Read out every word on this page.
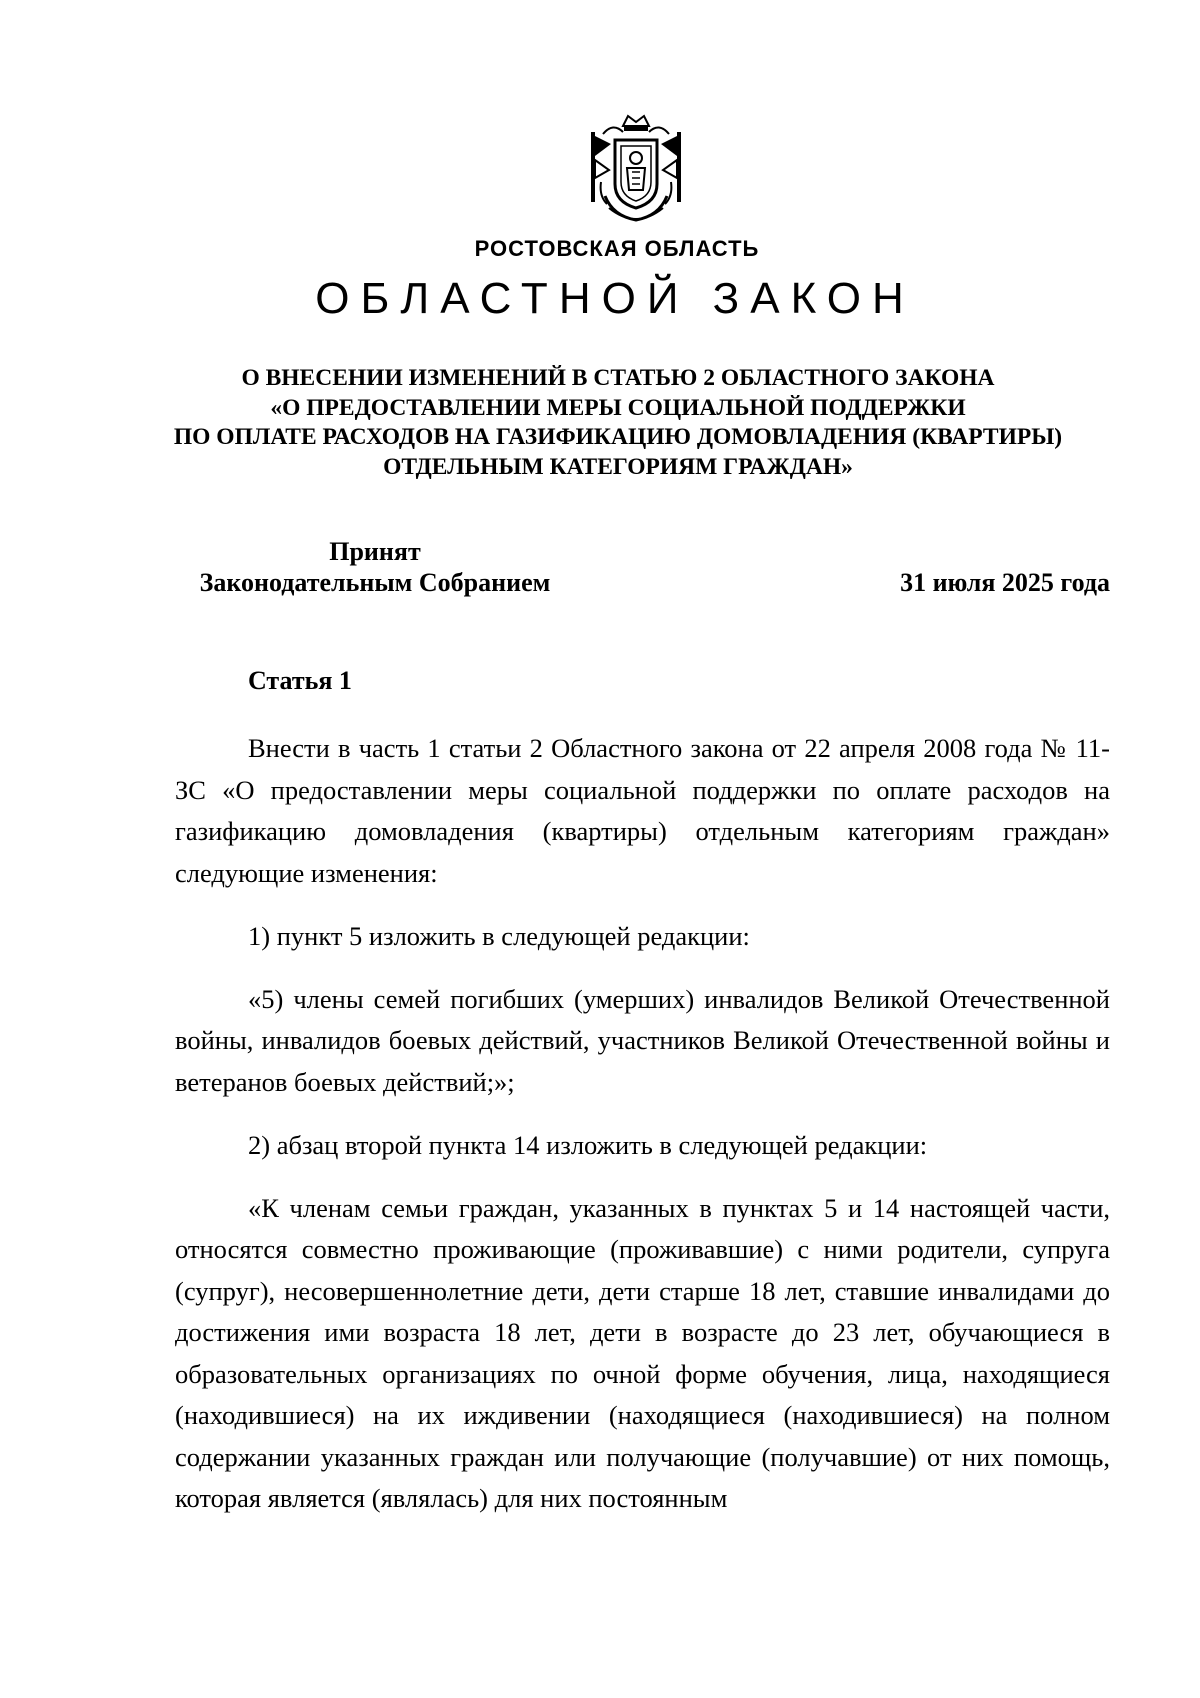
РОСТОВСКАЯ ОБЛАСТЬ
ОБЛАСТНОЙ ЗАКОН
О ВНЕСЕНИИ ИЗМЕНЕНИЙ В СТАТЬЮ 2 ОБЛАСТНОГО ЗАКОНА
«О ПРЕДОСТАВЛЕНИИ МЕРЫ СОЦИАЛЬНОЙ ПОДДЕРЖКИ
ПО ОПЛАТЕ РАСХОДОВ НА ГАЗИФИКАЦИЮ ДОМОВЛАДЕНИЯ (КВАРТИРЫ)
ОТДЕЛЬНЫМ КАТЕГОРИЯМ ГРАЖДАН»
Принят
Законодательным Собранием	31 июля 2025 года
Статья 1

Внести в часть 1 статьи 2 Областного закона от 22 апреля 2008 года № 11-ЗС «О предоставлении меры социальной поддержки по оплате расходов на газификацию домовладения (квартиры) отдельным категориям граждан» следующие изменения:

1) пункт 5 изложить в следующей редакции:

«5) члены семей погибших (умерших) инвалидов Великой Отечественной войны, инвалидов боевых действий, участников Великой Отечественной войны и ветеранов боевых действий;»;

2) абзац второй пункта 14 изложить в следующей редакции:

«К членам семьи граждан, указанных в пунктах 5 и 14 настоящей части, относятся совместно проживающие (проживавшие) с ними родители, супруга (супруг), несовершеннолетние дети, дети старше 18 лет, ставшие инвалидами до достижения ими возраста 18 лет, дети в возрасте до 23 лет, обучающиеся в образовательных организациях по очной форме обучения, лица, находящиеся (находившиеся) на их иждивении (находящиеся (находившиеся) на полном содержании указанных граждан или получающие (получавшие) от них помощь, которая является (являлась) для них постоянным
